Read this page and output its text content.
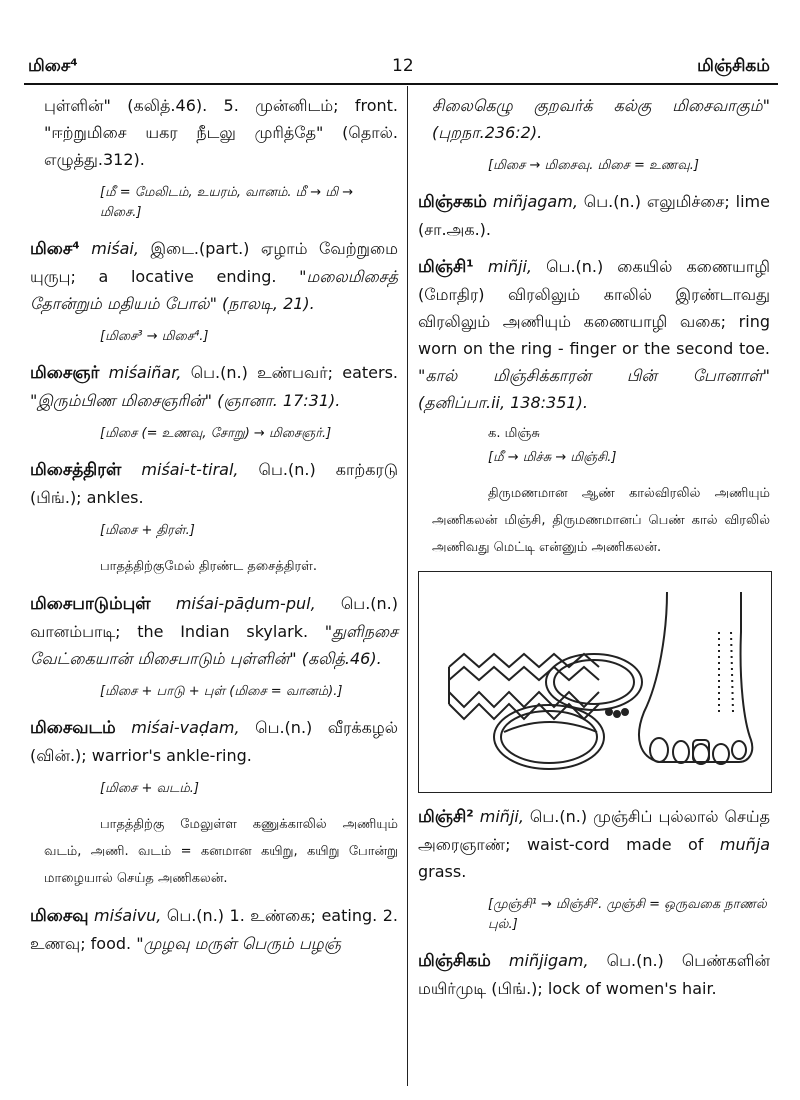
மிசை⁴	12	மிஞ்சிகம்
புள்ளின்" (கலித்.46). 5. முன்னிடம்; front. "ஈற்றுமிசை யகர நீடலு முரித்தே" (தொல். எழுத்து.312).
[மீ = மேலிடம், உயரம், வானம். மீ → மி → மிசை.]
மிசை⁴ miśai, இடை.(part.) ஏழாம் வேற்றுமை யுருபு; a locative ending. "மலைமிசைத் தோன்றும் மதியம் போல்" (நாலடி, 21).
[மிசை³ → மிசை⁴.]
மிசைஞர் miśaiñar, பெ.(n.) உண்பவர்; eaters. "இரும்பிண மிசைஞரின்" (ஞானா. 17:31).
[மிசை (= உணவு, சோறு) → மிசைஞர்.]
மிசைத்திரள் miśai-t-tiral, பெ.(n.) காற்கரடு (பிங்.); ankles.
[மிசை + திரள்.]
பாதத்திற்குமேல் திரண்ட தசைத்திரள்.
மிசைபாடும்புள் miśai-pāḍum-pul, பெ.(n.) வானம்பாடி; the Indian skylark. "துளிநசை வேட்கையான் மிசைபாடும் புள்ளின்" (கலித்.46).
[மிசை + பாடு + புள் (மிசை = வானம்).]
மிசைவடம் miśai-vaḍam, பெ.(n.) வீரக்கழல் (வின்.); warrior's ankle-ring.
[மிசை + வடம்.]
பாதத்திற்கு மேலுள்ள கணுக்காலில் அணியும் வடம், அணி. வடம் = கனமான கயிறு, கயிறு போன்று மாழையால் செய்த அணிகலன்.
மிசைவு miśaivu, பெ.(n.) 1. உண்கை; eating. 2. உணவு; food. "முழவு மருள் பெரும் பழஞ்
சிலைகெழு குறவர்க் கல்கு மிசைவாகும்" (புறநா.236:2).
[மிசை → மிசைவு. மிசை = உணவு.]
மிஞ்சகம் miñjagam, பெ.(n.) எலுமிச்சை; lime (சா.அக.).
மிஞ்சி¹ miñji, பெ.(n.) கையில் கணையாழி (மோதிர) விரலிலும் காலில் இரண்டாவது விரலிலும் அணியும் கணையாழி வகை; ring worn on the ring - finger or the second toe. "கால் மிஞ்சிக்காரன் பின் போனாள்" (தனிப்பா.ii, 138:351).
க. மிஞ்சு
[மீ → மிச்சு → மிஞ்சி.]
திருமணமான ஆண் கால்விரலில் அணியும் அணிகலன் மிஞ்சி, திருமணமானப் பெண் கால் விரலில் அணிவது மெட்டி என்னும் அணிகலன்.
மிஞ்சி² miñji, பெ.(n.) முஞ்சிப் புல்லால் செய்த அரைஞாண்; waist-cord made of muñja grass.
[முஞ்சி¹ → மிஞ்சி². முஞ்சி = ஒருவகை நாணல் புல்.]
மிஞ்சிகம் miñjigam, பெ.(n.) பெண்களின் மயிர்முடி (பிங்.); lock of women's hair.
